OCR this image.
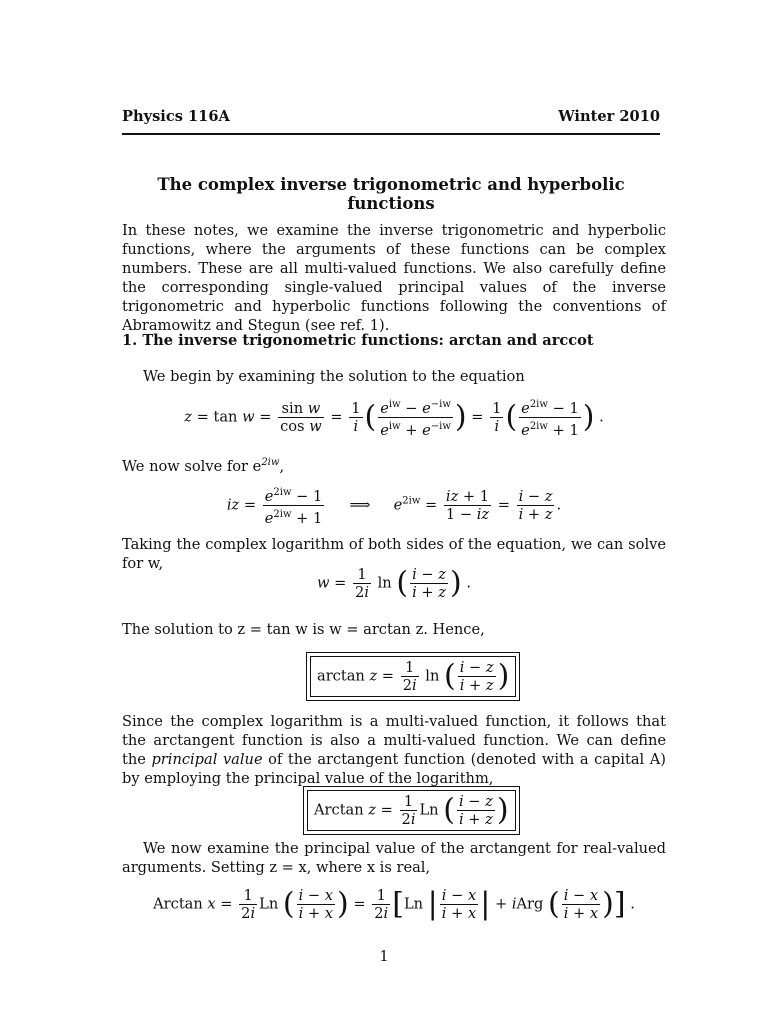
Physics 116A	Winter 2010
The complex inverse trigonometric and hyperbolic functions
In these notes, we examine the inverse trigonometric and hyperbolic functions, where the arguments of these functions can be complex numbers. These are all multi-valued functions. We also carefully define the corresponding single-valued principal values of the inverse trigonometric and hyperbolic functions following the conventions of Abramowitz and Stegun (see ref. 1).
1. The inverse trigonometric functions: arctan and arccot
We begin by examining the solution to the equation
$z = \tan w = \frac{\text{sin w}}{\text{cos w}} = \frac{1}{i}$ ( $\frac{e^{iw} - e^{-iw}}{e^{iw} + e^{-iw}}$ ) = $\frac{1}{i}$ ( $\frac{e^{2iw} - 1}{e^{2iw} + 1}$ ) .
We now solve for $e^{2iw}$,
iz = $\frac{e^{2iw} - 1}{e^{2iw} + 1}$ ⟹     $e^{2iw} = \frac{iz + 1}{1 - iz} = \frac{i - z}{i + z}$ .
Taking the complex logarithm of both sides of the equation, we can solve for w,
$w = \frac{1}{2i}$ ln ( $\frac{i - z}{i + z}$ ) .
The solution to z = tan w is w = arctan z. Hence,
$\arctan z = \frac{1}{2i}$ ln ( $\frac{i - z}{i + z}$ )
Since the complex logarithm is a multi-valued function, it follows that the arctangent function is also a multi-valued function. We can define the principal value of the arctangent function (denoted with a capital A) by employing the principal value of the logarithm,
Arctan $z = \frac{1}{2i}$ Ln ( $\frac{i - z}{i + z}$ )
We now examine the principal value of the arctangent for real-valued arguments. Setting z = x, where x is real,
Arctan $x = \frac{1}{2i}$ Ln ( $\frac{i - x}{i + x}$ ) = $\frac{1}{2i} [Ln$ | $\frac{i - x}{i + x}$ | + iArg ( $\frac{i - x}{i + x}$ )] .
1
